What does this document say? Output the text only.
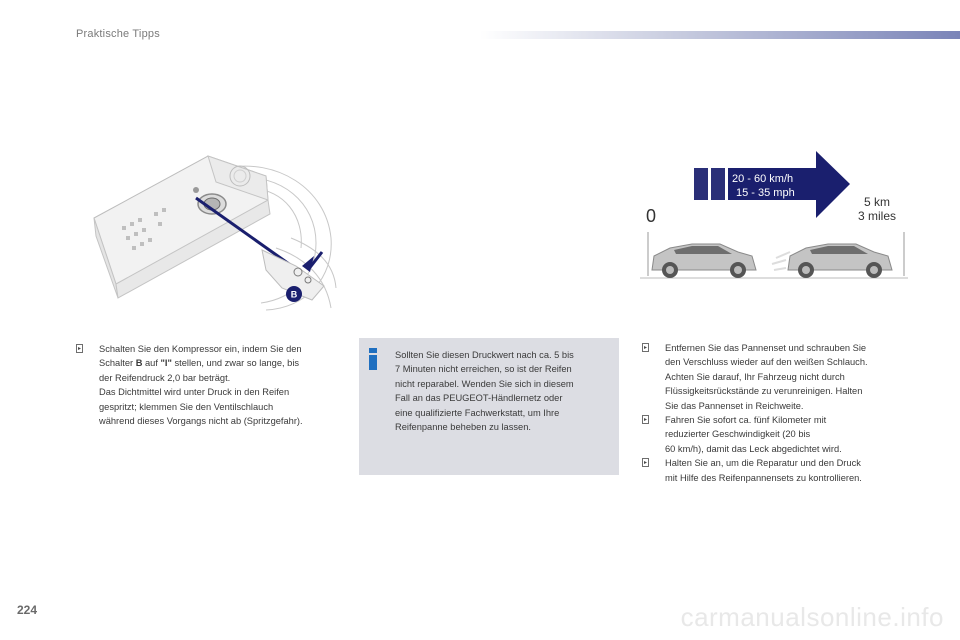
Praktische Tipps
B
20 - 60 km/h
15 - 35 mph
0
5 km
3 miles
Schalten Sie den Kompressor ein, indem Sie den
Schalter B auf "I" stellen, und zwar so lange, bis
der Reifendruck 2,0 bar beträgt.
Das Dichtmittel wird unter Druck in den Reifen
gespritzt; klemmen Sie den Ventilschlauch
während dieses Vorgangs nicht ab (Spritzgefahr).
Sollten Sie diesen Druckwert nach ca. 5 bis
7 Minuten nicht erreichen, so ist der Reifen
nicht reparabel. Wenden Sie sich in diesem
Fall an das PEUGEOT-Händlernetz oder
eine qualifizierte Fachwerkstatt, um Ihre
Reifenpanne beheben zu lassen.
Entfernen Sie das Pannenset und schrauben Sie
den Verschluss wieder auf den weißen Schlauch.
Achten Sie darauf, Ihr Fahrzeug nicht durch
Flüssigkeitsrückstände zu verunreinigen. Halten
Sie das Pannenset in Reichweite.
Fahren Sie sofort ca. fünf Kilometer mit
reduzierter Geschwindigkeit (20 bis
60 km/h), damit das Leck abgedichtet wird.
Halten Sie an, um die Reparatur und den Druck
mit Hilfe des Reifenpannensets zu kontrollieren.
224	carmanualsonline.info
